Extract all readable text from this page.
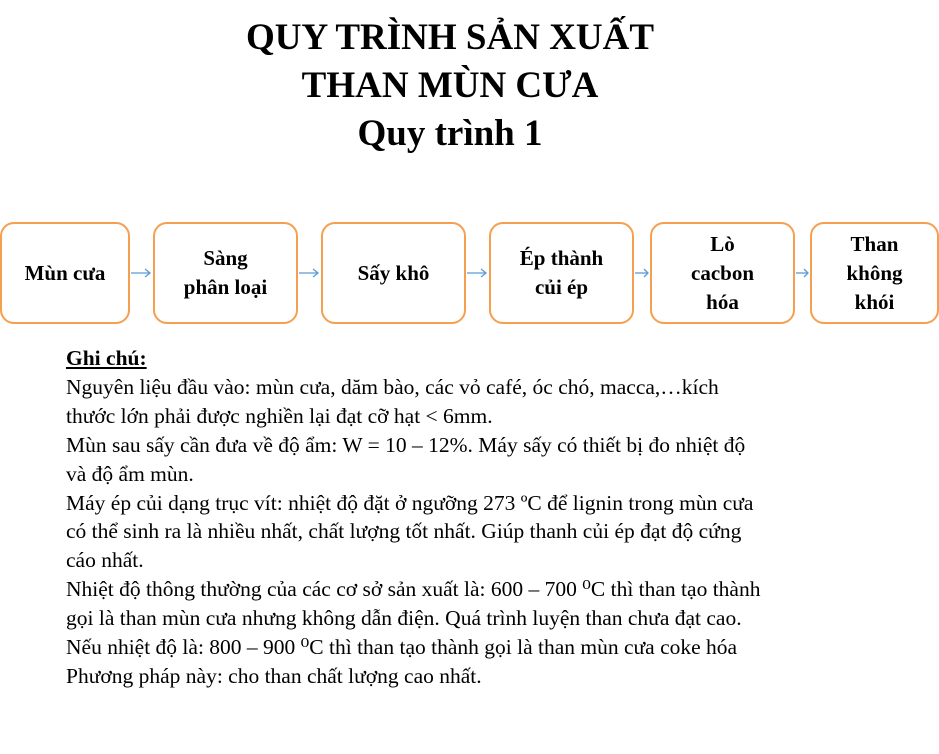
QUY TRÌNH SẢN XUẤT
THAN MÙN CƯA
Quy trình 1
Mùn cưa
Sàng
phân loại
Sấy khô
Ép thành
củi ép
Lò
cacbon
hóa
Than
không
khói

Ghi chú:

Nguyên liệu đầu vào: mùn cưa, dăm bào, các vỏ café, óc chó, macca,…kích

thước lớn phải được nghiền lại đạt cỡ hạt < 6mm.

Mùn sau sấy cần đưa về độ ẩm: W = 10 – 12%. Máy sấy có thiết bị đo nhiệt độ

và độ ẩm mùn.

Máy ép củi dạng trục vít: nhiệt độ đặt ở ngưỡng 273 ºC để lignin trong mùn cưa

có thể sinh ra là nhiều nhất, chất lượng tốt nhất. Giúp thanh củi ép đạt độ cứng

cáo nhất.

Nhiệt độ thông thường của các cơ sở sản xuất là: 600 – 700 ⁰C thì than tạo thành

gọi là than mùn cưa nhưng không dẫn điện. Quá trình luyện than chưa đạt cao.

Nếu nhiệt độ là: 800 – 900 ⁰C thì than tạo thành gọi là than mùn cưa coke hóa

Phương pháp này: cho than chất lượng cao nhất.
